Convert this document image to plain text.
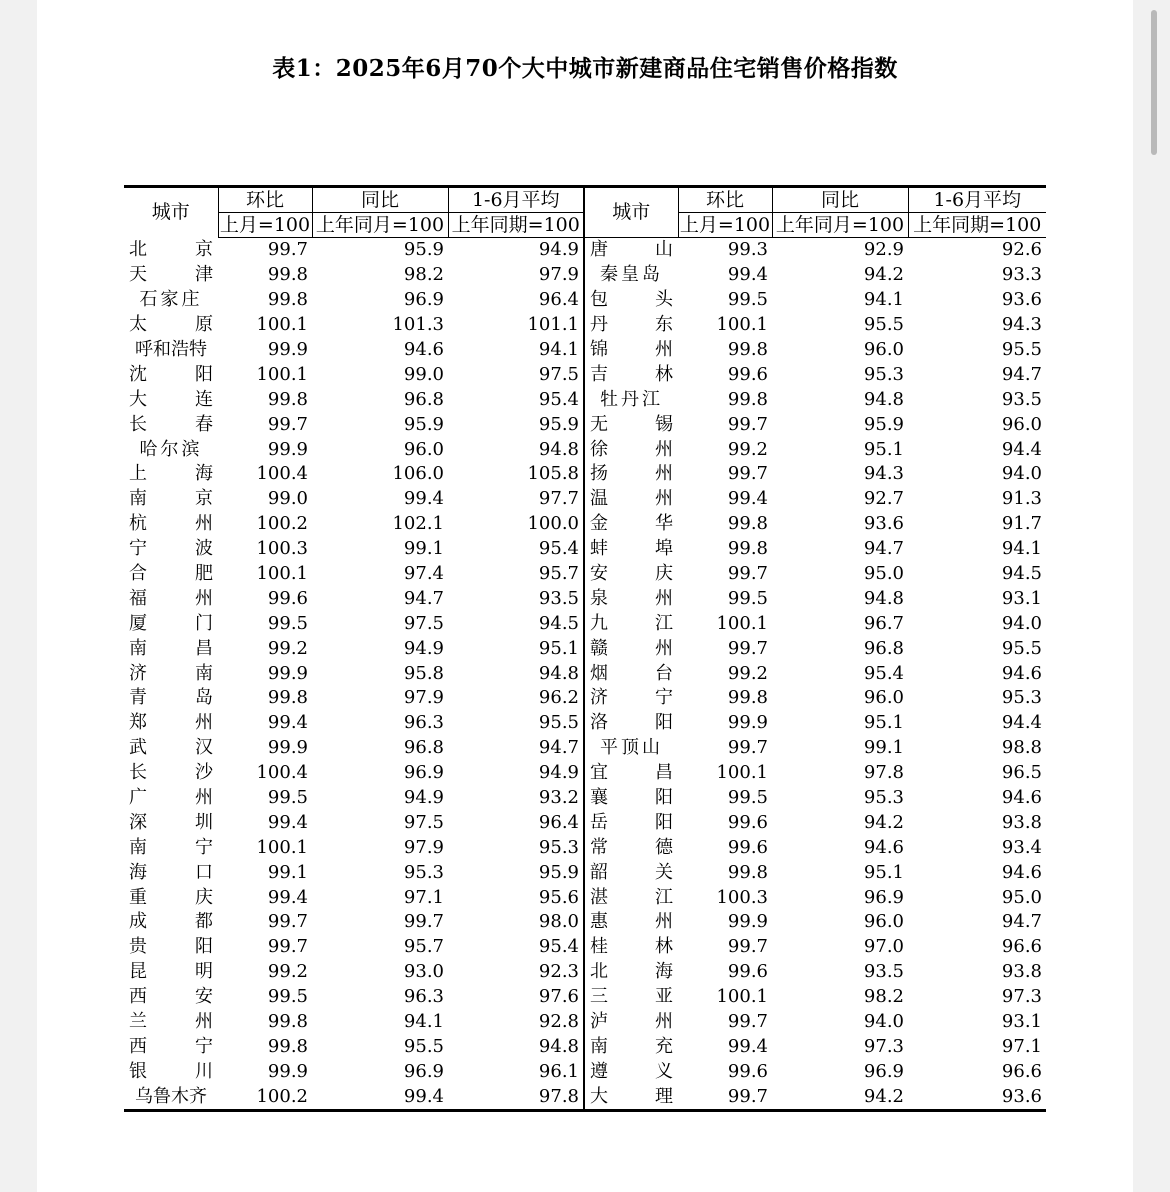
表1：2025年6月70个大中城市新建商品住宅销售价格指数
城市	环比	同比	1-6月平均	城市	环比	同比	1-6月平均
	上月=100	上年同月=100	上年同期=100		上月=100	上年同月=100	上年同期=100
北 京	99.7	95.9	94.9	唐 山	99.3	92.9	92.6
天 津	99.8	98.2	97.9	秦皇岛	99.4	94.2	93.3
石家庄	99.8	96.9	96.4	包 头	99.5	94.1	93.6
太 原	100.1	101.3	101.1	丹 东	100.1	95.5	94.3
呼和浩特	99.9	94.6	94.1	锦 州	99.8	96.0	95.5
沈 阳	100.1	99.0	97.5	吉 林	99.6	95.3	94.7
大 连	99.8	96.8	95.4	牡丹江	99.8	94.8	93.5
长 春	99.7	95.9	95.9	无 锡	99.7	95.9	96.0
哈尔滨	99.9	96.0	94.8	徐 州	99.2	95.1	94.4
上 海	100.4	106.0	105.8	扬 州	99.7	94.3	94.0
南 京	99.0	99.4	97.7	温 州	99.4	92.7	91.3
杭 州	100.2	102.1	100.0	金 华	99.8	93.6	91.7
宁 波	100.3	99.1	95.4	蚌 埠	99.8	94.7	94.1
合 肥	100.1	97.4	95.7	安 庆	99.7	95.0	94.5
福 州	99.6	94.7	93.5	泉 州	99.5	94.8	93.1
厦 门	99.5	97.5	94.5	九 江	100.1	96.7	94.0
南 昌	99.2	94.9	95.1	赣 州	99.7	96.8	95.5
济 南	99.9	95.8	94.8	烟 台	99.2	95.4	94.6
青 岛	99.8	97.9	96.2	济 宁	99.8	96.0	95.3
郑 州	99.4	96.3	95.5	洛 阳	99.9	95.1	94.4
武 汉	99.9	96.8	94.7	平顶山	99.7	99.1	98.8
长 沙	100.4	96.9	94.9	宜 昌	100.1	97.8	96.5
广 州	99.5	94.9	93.2	襄 阳	99.5	95.3	94.6
深 圳	99.4	97.5	96.4	岳 阳	99.6	94.2	93.8
南 宁	100.1	97.9	95.3	常 德	99.6	94.6	93.4
海 口	99.1	95.3	95.9	韶 关	99.8	95.1	94.6
重 庆	99.4	97.1	95.6	湛 江	100.3	96.9	95.0
成 都	99.7	99.7	98.0	惠 州	99.9	96.0	94.7
贵 阳	99.7	95.7	95.4	桂 林	99.7	97.0	96.6
昆 明	99.2	93.0	92.3	北 海	99.6	93.5	93.8
西 安	99.5	96.3	97.6	三 亚	100.1	98.2	97.3
兰 州	99.8	94.1	92.8	泸 州	99.7	94.0	93.1
西 宁	99.8	95.5	94.8	南 充	99.4	97.3	97.1
银 川	99.9	96.9	96.1	遵 义	99.6	96.9	96.6
乌鲁木齐	100.2	99.4	97.8	大 理	99.7	94.2	93.6
